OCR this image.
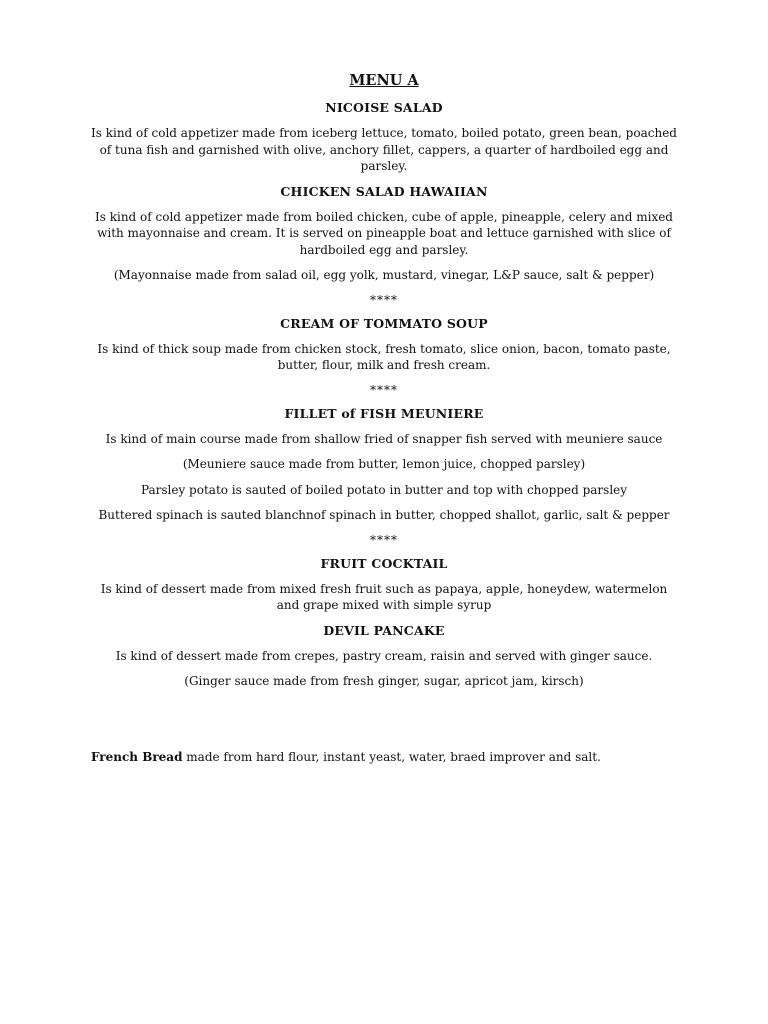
MENU A
NICOISE SALAD
Is kind of cold appetizer made from iceberg lettuce, tomato, boiled potato, green bean, poached of tuna fish and garnished with olive, anchory fillet, cappers, a quarter of hardboiled egg and parsley.
CHICKEN SALAD HAWAIIAN
Is kind of cold appetizer made from boiled chicken, cube of apple, pineapple, celery and mixed with mayonnaise and cream. It is served on pineapple boat and lettuce garnished with slice of hardboiled egg and parsley.
(Mayonnaise made from salad oil, egg yolk, mustard, vinegar, L&P sauce, salt & pepper)
****
CREAM OF TOMMATO SOUP
Is kind of thick soup made from chicken stock, fresh tomato, slice onion, bacon, tomato paste, butter, flour, milk and fresh cream.
****
FILLET of FISH MEUNIERE
Is kind of main course made from shallow fried of snapper fish served with meuniere sauce
(Meuniere sauce made from butter, lemon juice, chopped parsley)
Parsley potato is sauted of boiled potato in butter and top with chopped parsley
Buttered spinach is sauted blanchnof spinach in butter, chopped shallot, garlic, salt & pepper
****
FRUIT COCKTAIL
Is kind of dessert made from mixed fresh fruit such as papaya, apple, honeydew, watermelon and grape mixed with simple syrup
DEVIL PANCAKE
Is kind of dessert made from crepes, pastry cream, raisin and served with ginger sauce.
(Ginger sauce made from fresh ginger, sugar, apricot jam, kirsch)
French Bread made from hard flour, instant yeast, water, braed improver and salt.
